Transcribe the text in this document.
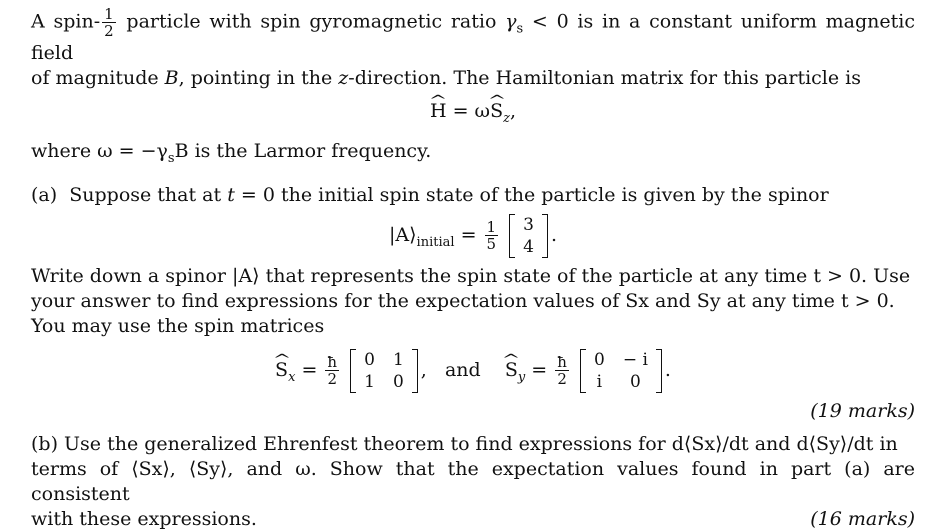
A spin- $\frac{1}{2}$ particle with spin gyromagnetic ratio $\gamma_s < 0$ is in a constant uniform magnetic field
of magnitude B, pointing in the z-direction. The Hamiltonian matrix for this particle is

^ H = ω^ $S_z$,

where $\omega = -\gamma_sB$ is the Larmor frequency.

(a) Suppose that at t = 0 the initial spin state of the particle is given by the spinor

$|A⟩_{initial} = \frac{1}{5}$
3
4
.

Write down a spinor |A⟩ that represents the spin state of the particle at any time t > 0. Use
your answer to find expressions for the expectation values of Sx and Sy at any time t > 0.
You may use the spin matrices

^ $S_x = \frac{ħ}{2}$
0 1
1 0
,   and    ^ $S_y = \frac{ħ}{2}$
0 − i
i	0
.
(19 marks)

(b) Use the generalized Ehrenfest theorem to find expressions for d⟨Sx⟩/dt and d⟨Sy⟩/dt in
terms of ⟨Sx⟩, ⟨Sy⟩, and ω. Show that the expectation values found in part (a) are consistent
with these expressions.	(16 marks)
